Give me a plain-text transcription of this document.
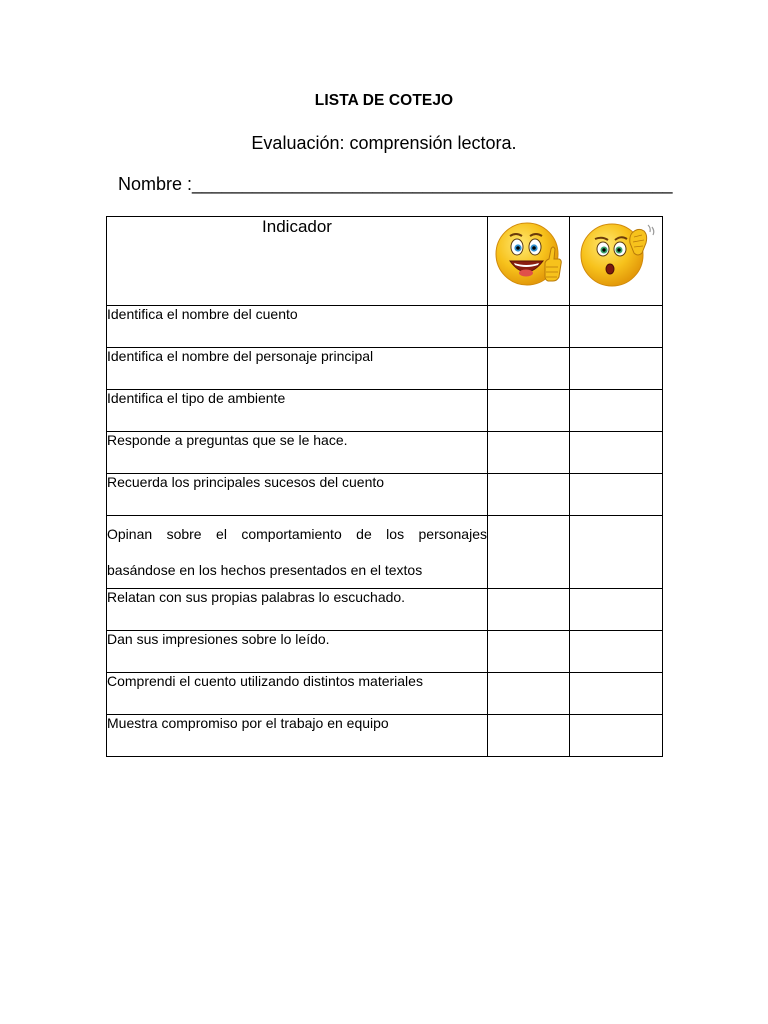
LISTA DE COTEJO
Evaluación: comprensión lectora.
Nombre :________________________________________________
Indicador	

Identifica el nombre del cuento		
Identifica el nombre del personaje principal		
Identifica el tipo de ambiente		
Responde a preguntas que se le hace.		
Recuerda los principales sucesos del cuento		
Opinan sobre el comportamiento de los personajes basándose en los hechos presentados en el textos		
Relatan con sus propias palabras lo escuchado.		
Dan sus impresiones sobre lo leído.		
Comprendi el cuento utilizando distintos materiales		
Muestra compromiso por el trabajo en equipo		
